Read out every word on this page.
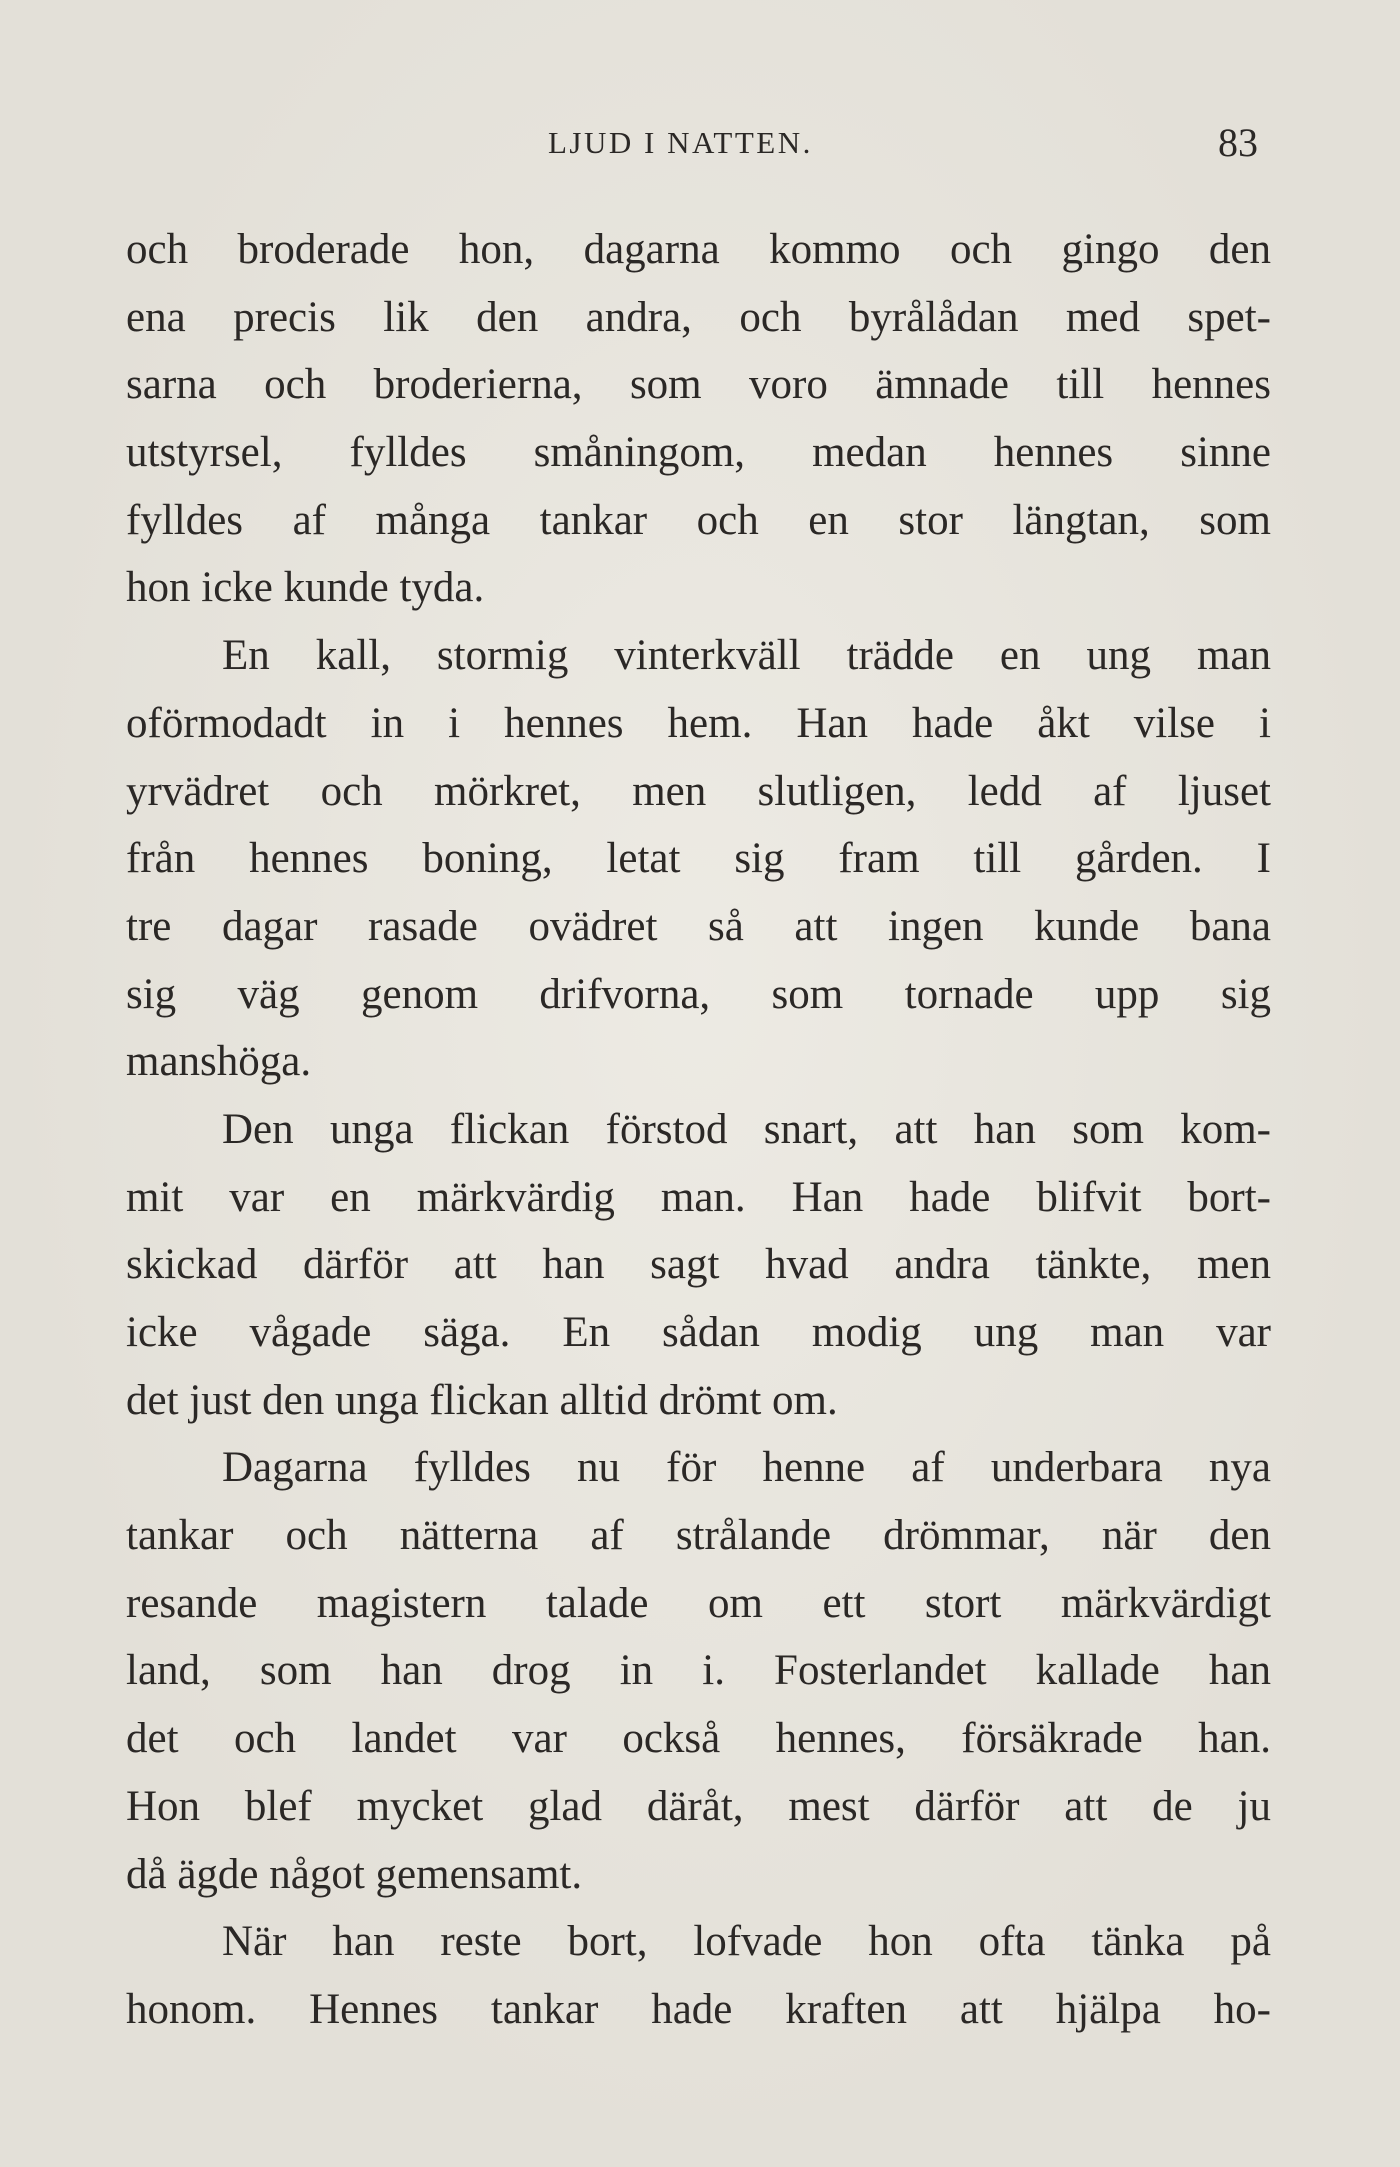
LJUD I NATTEN.	83
och broderade hon, dagarna kommo och gingo den
ena precis lik den andra, och byrålådan med spet-
sarna och broderierna, som voro ämnade till hennes
utstyrsel, fylldes småningom, medan hennes sinne
fylldes af många tankar och en stor längtan, som
hon icke kunde tyda.
En kall, stormig vinterkväll trädde en ung man
oförmodadt in i hennes hem. Han hade åkt vilse i
yrvädret och mörkret, men slutligen, ledd af ljuset
från hennes boning, letat sig fram till gården. I
tre dagar rasade ovädret så att ingen kunde bana
sig väg genom drifvorna, som tornade upp sig
manshöga.
Den unga flickan förstod snart, att han som kom-
mit var en märkvärdig man. Han hade blifvit bort-
skickad därför att han sagt hvad andra tänkte, men
icke vågade säga. En sådan modig ung man var
det just den unga flickan alltid drömt om.
Dagarna fylldes nu för henne af underbara nya
tankar och nätterna af strålande drömmar, när den
resande magistern talade om ett stort märkvärdigt
land, som han drog in i. Fosterlandet kallade han
det och landet var också hennes, försäkrade han.
Hon blef mycket glad däråt, mest därför att de ju
då ägde något gemensamt.
När han reste bort, lofvade hon ofta tänka på
honom. Hennes tankar hade kraften att hjälpa ho-
